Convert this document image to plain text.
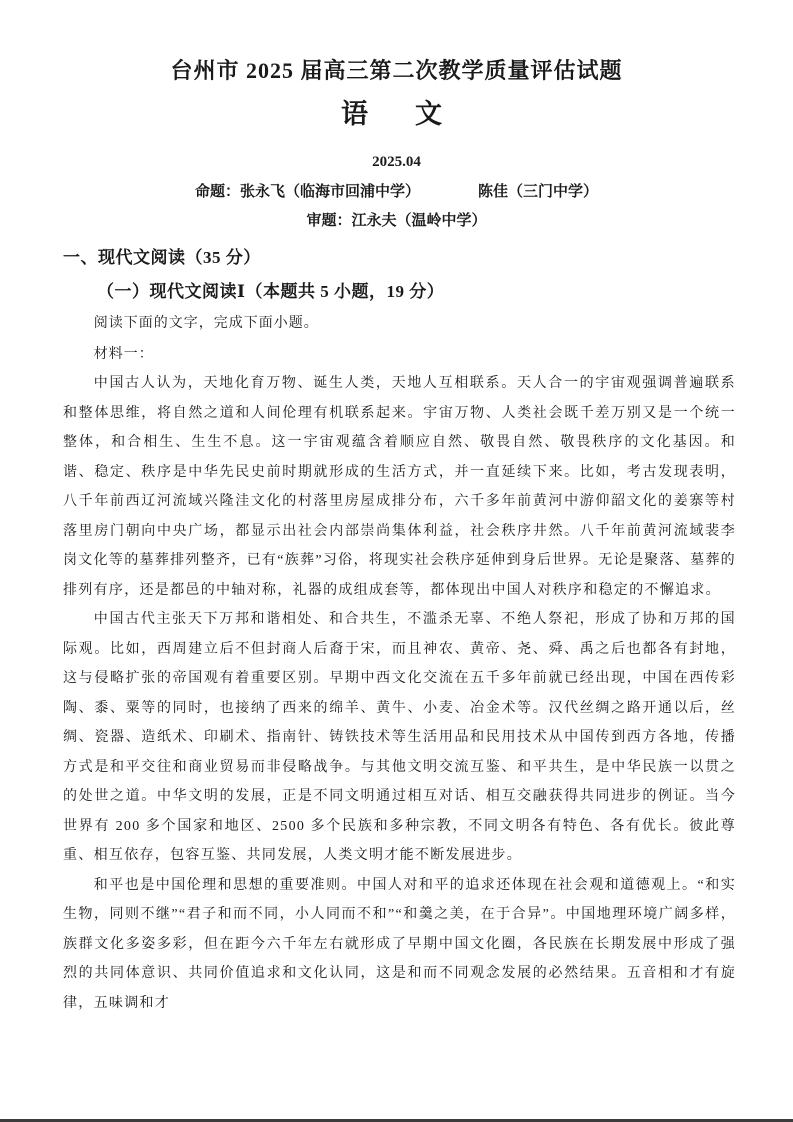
台州市 2025 届高三第二次教学质量评估试题
语　文
2025.04
命题：张永飞（临海市回浦中学）	陈佳（三门中学）
审题：江永夫（温岭中学）
一、现代文阅读（35 分）
（一）现代文阅读Ⅰ（本题共 5 小题，19 分）
阅读下面的文字，完成下面小题。
材料一：

中国古人认为，天地化育万物、诞生人类，天地人互相联系。天人合一的宇宙观强调普遍联系和整体思维，将自然之道和人间伦理有机联系起来。宇宙万物、人类社会既千差万别又是一个统一整体，和合相生、生生不息。这一宇宙观蕴含着顺应自然、敬畏自然、敬畏秩序的文化基因。和谐、稳定、秩序是中华先民史前时期就形成的生活方式，并一直延续下来。比如，考古发现表明，八千年前西辽河流域兴隆洼文化的村落里房屋成排分布，六千多年前黄河中游仰韶文化的姜寨等村落里房门朝向中央广场，都显示出社会内部崇尚集体利益，社会秩序井然。八千年前黄河流域裴李岗文化等的墓葬排列整齐，已有“族葬”习俗，将现实社会秩序延伸到身后世界。无论是聚落、墓葬的排列有序，还是都邑的中轴对称，礼器的成组成套等，都体现出中国人对秩序和稳定的不懈追求。

中国古代主张天下万邦和谐相处、和合共生，不滥杀无辜、不绝人祭祀，形成了协和万邦的国际观。比如，西周建立后不但封商人后裔于宋，而且神农、黄帝、尧、舜、禹之后也都各有封地，这与侵略扩张的帝国观有着重要区别。早期中西文化交流在五千多年前就已经出现，中国在西传彩陶、黍、粟等的同时，也接纳了西来的绵羊、黄牛、小麦、冶金术等。汉代丝绸之路开通以后，丝绸、瓷器、造纸术、印刷术、指南针、铸铁技术等生活用品和民用技术从中国传到西方各地，传播方式是和平交往和商业贸易而非侵略战争。与其他文明交流互鉴、和平共生，是中华民族一以贯之的处世之道。中华文明的发展，正是不同文明通过相互对话、相互交融获得共同进步的例证。当今世界有 200 多个国家和地区、2500 多个民族和多种宗教，不同文明各有特色、各有优长。彼此尊重、相互依存，包容互鉴、共同发展，人类文明才能不断发展进步。

和平也是中国伦理和思想的重要准则。中国人对和平的追求还体现在社会观和道德观上。“和实生物，同则不继”“君子和而不同，小人同而不和”“和羹之美，在于合异”。中国地理环境广阔多样，族群文化多姿多彩，但在距今六千年左右就形成了早期中国文化圈，各民族在长期发展中形成了强烈的共同体意识、共同价值追求和文化认同，这是和而不同观念发展的必然结果。五音相和才有旋律，五味调和才
